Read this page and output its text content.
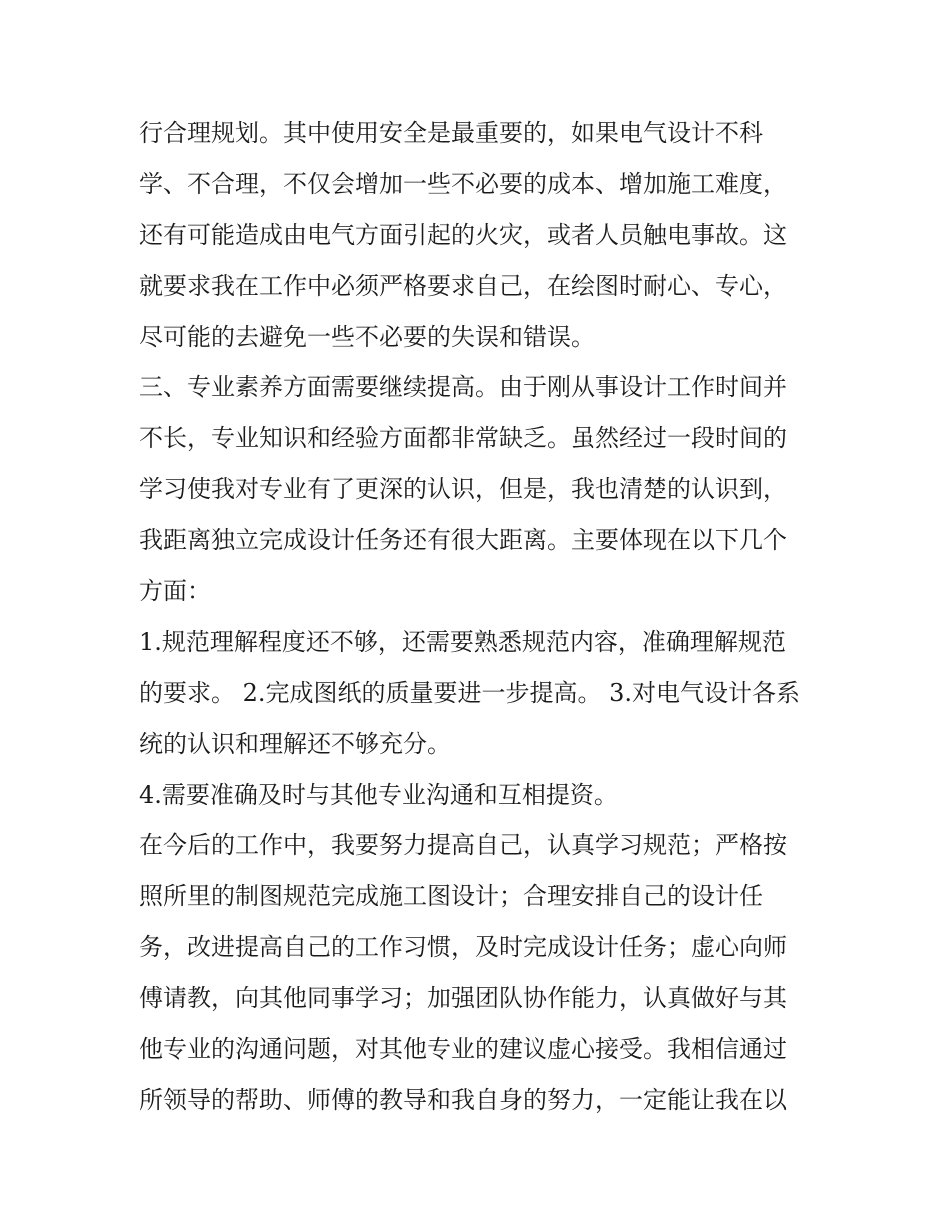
行合理规划。其中使用安全是最重要的，如果电气设计不科
学、不合理，不仅会增加一些不必要的成本、增加施工难度，
还有可能造成由电气方面引起的火灾，或者人员触电事故。这
就要求我在工作中必须严格要求自己，在绘图时耐心、专心，
尽可能的去避免一些不必要的失误和错误。
三、专业素养方面需要继续提高。由于刚从事设计工作时间并
不长，专业知识和经验方面都非常缺乏。虽然经过一段时间的
学习使我对专业有了更深的认识，但是，我也清楚的认识到，
我距离独立完成设计任务还有很大距离。主要体现在以下几个
方面：
1.规范理解程度还不够，还需要熟悉规范内容，准确理解规范
的要求。 2.完成图纸的质量要进一步提高。 3.对电气设计各系
统的认识和理解还不够充分。
4.需要准确及时与其他专业沟通和互相提资。
在今后的工作中，我要努力提高自己，认真学习规范；严格按
照所里的制图规范完成施工图设计；合理安排自己的设计任
务，改进提高自己的工作习惯，及时完成设计任务；虚心向师
傅请教，向其他同事学习；加强团队协作能力，认真做好与其
他专业的沟通问题，对其他专业的建议虚心接受。我相信通过
所领导的帮助、师傅的教导和我自身的努力，一定能让我在以
